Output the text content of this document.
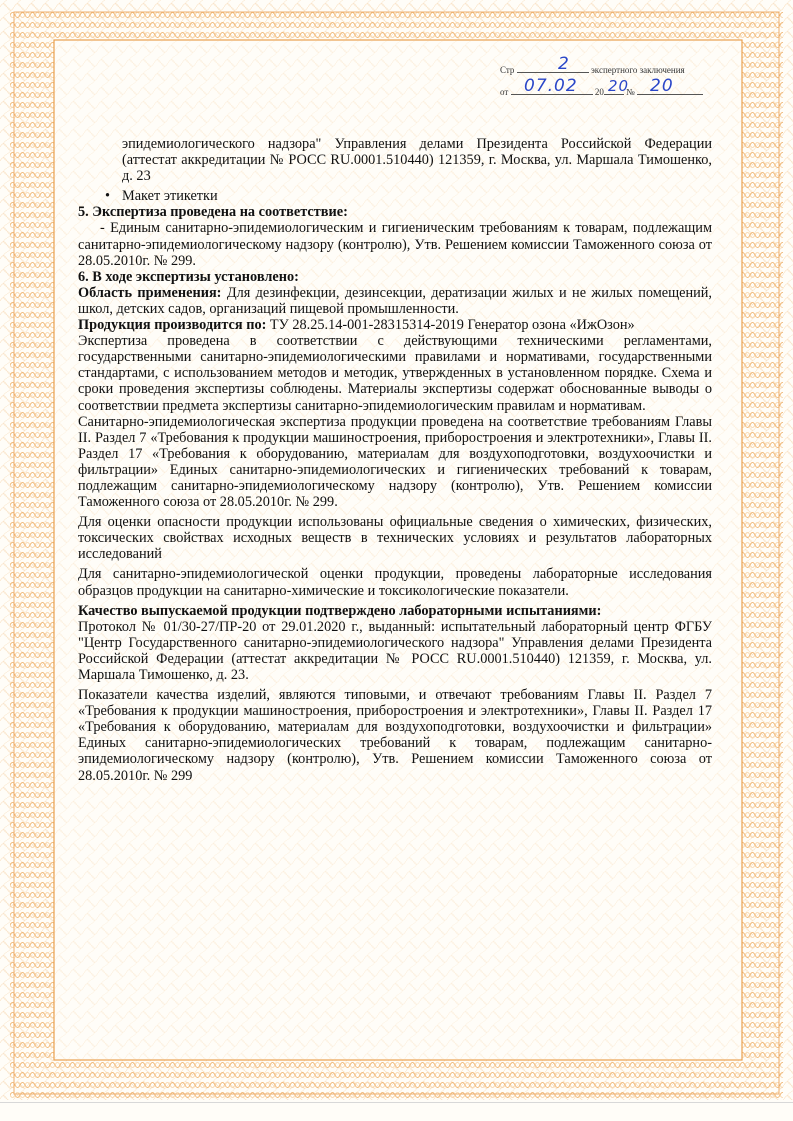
Стр	2 экспертного заключения
от 07.02 20 20
№ 20

эпидемиологического надзора" Управления делами Президента Российской Федерации (аттестат аккредитации № РОСС RU.0001.510440) 121359, г. Москва, ул. Маршала Тимошенко, д. 23

• Макет этикетки

5. Экспертиза проведена на соответствие:

- Единым санитарно-эпидемиологическим и гигиеническим требованиям к товарам, подлежащим санитарно-эпидемиологическому надзору (контролю), Утв. Решением комиссии Таможенного союза от 28.05.2010г. № 299.

6. В ходе экспертизы установлено:

Область применения: Для дезинфекции, дезинсекции, дератизации жилых и не жилых помещений, школ, детских садов, организаций пищевой промышленности.

Продукция производится по: ТУ 28.25.14-001-28315314-2019 Генератор озона «ИжОзон»

Экспертиза проведена в соответствии с действующими техническими регламентами, государственными санитарно-эпидемиологическими правилами и нормативами, государственными стандартами, с использованием методов и методик, утвержденных в установленном порядке. Схема и сроки проведения экспертизы соблюдены. Материалы экспертизы содержат обоснованные выводы о соответствии предмета экспертизы санитарно-эпидемиологическим правилам и нормативам.

Санитарно-эпидемиологическая экспертиза продукции проведена на соответствие требованиям Главы II. Раздел 7 «Требования к продукции машиностроения, приборостроения и электротехники», Главы II. Раздел 17 «Требования к оборудованию, материалам для воздухоподготовки, воздухоочистки и фильтрации» Единых санитарно-эпидемиологических и гигиенических требований к товарам, подлежащим санитарно-эпидемиологическому надзору (контролю), Утв. Решением комиссии Таможенного союза от 28.05.2010г. № 299.

Для оценки опасности продукции использованы официальные сведения о химических, физических, токсических свойствах исходных веществ в технических условиях и результатов лабораторных исследований

Для санитарно-эпидемиологической оценки продукции, проведены лабораторные исследования образцов продукции на санитарно-химические и токсикологические показатели.

Качество выпускаемой продукции подтверждено лабораторными испытаниями:

Протокол № 01/30-27/ПР-20 от 29.01.2020 г., выданный: испытательный лабораторный центр ФГБУ "Центр Государственного санитарно-эпидемиологического надзора" Управления делами Президента Российской Федерации (аттестат аккредитации № РОСС RU.0001.510440) 121359, г. Москва, ул. Маршала Тимошенко, д. 23.

Показатели качества изделий, являются типовыми, и отвечают требованиям Главы II. Раздел 7 «Требования к продукции машиностроения, приборостроения и электротехники», Главы II. Раздел 17 «Требования к оборудованию, материалам для воздухоподготовки, воздухоочистки и фильтрации» Единых санитарно-эпидемиологических требований к товарам, подлежащим санитарно-эпидемиологическому надзору (контролю), Утв. Решением комиссии Таможенного союза от 28.05.2010г. № 299
